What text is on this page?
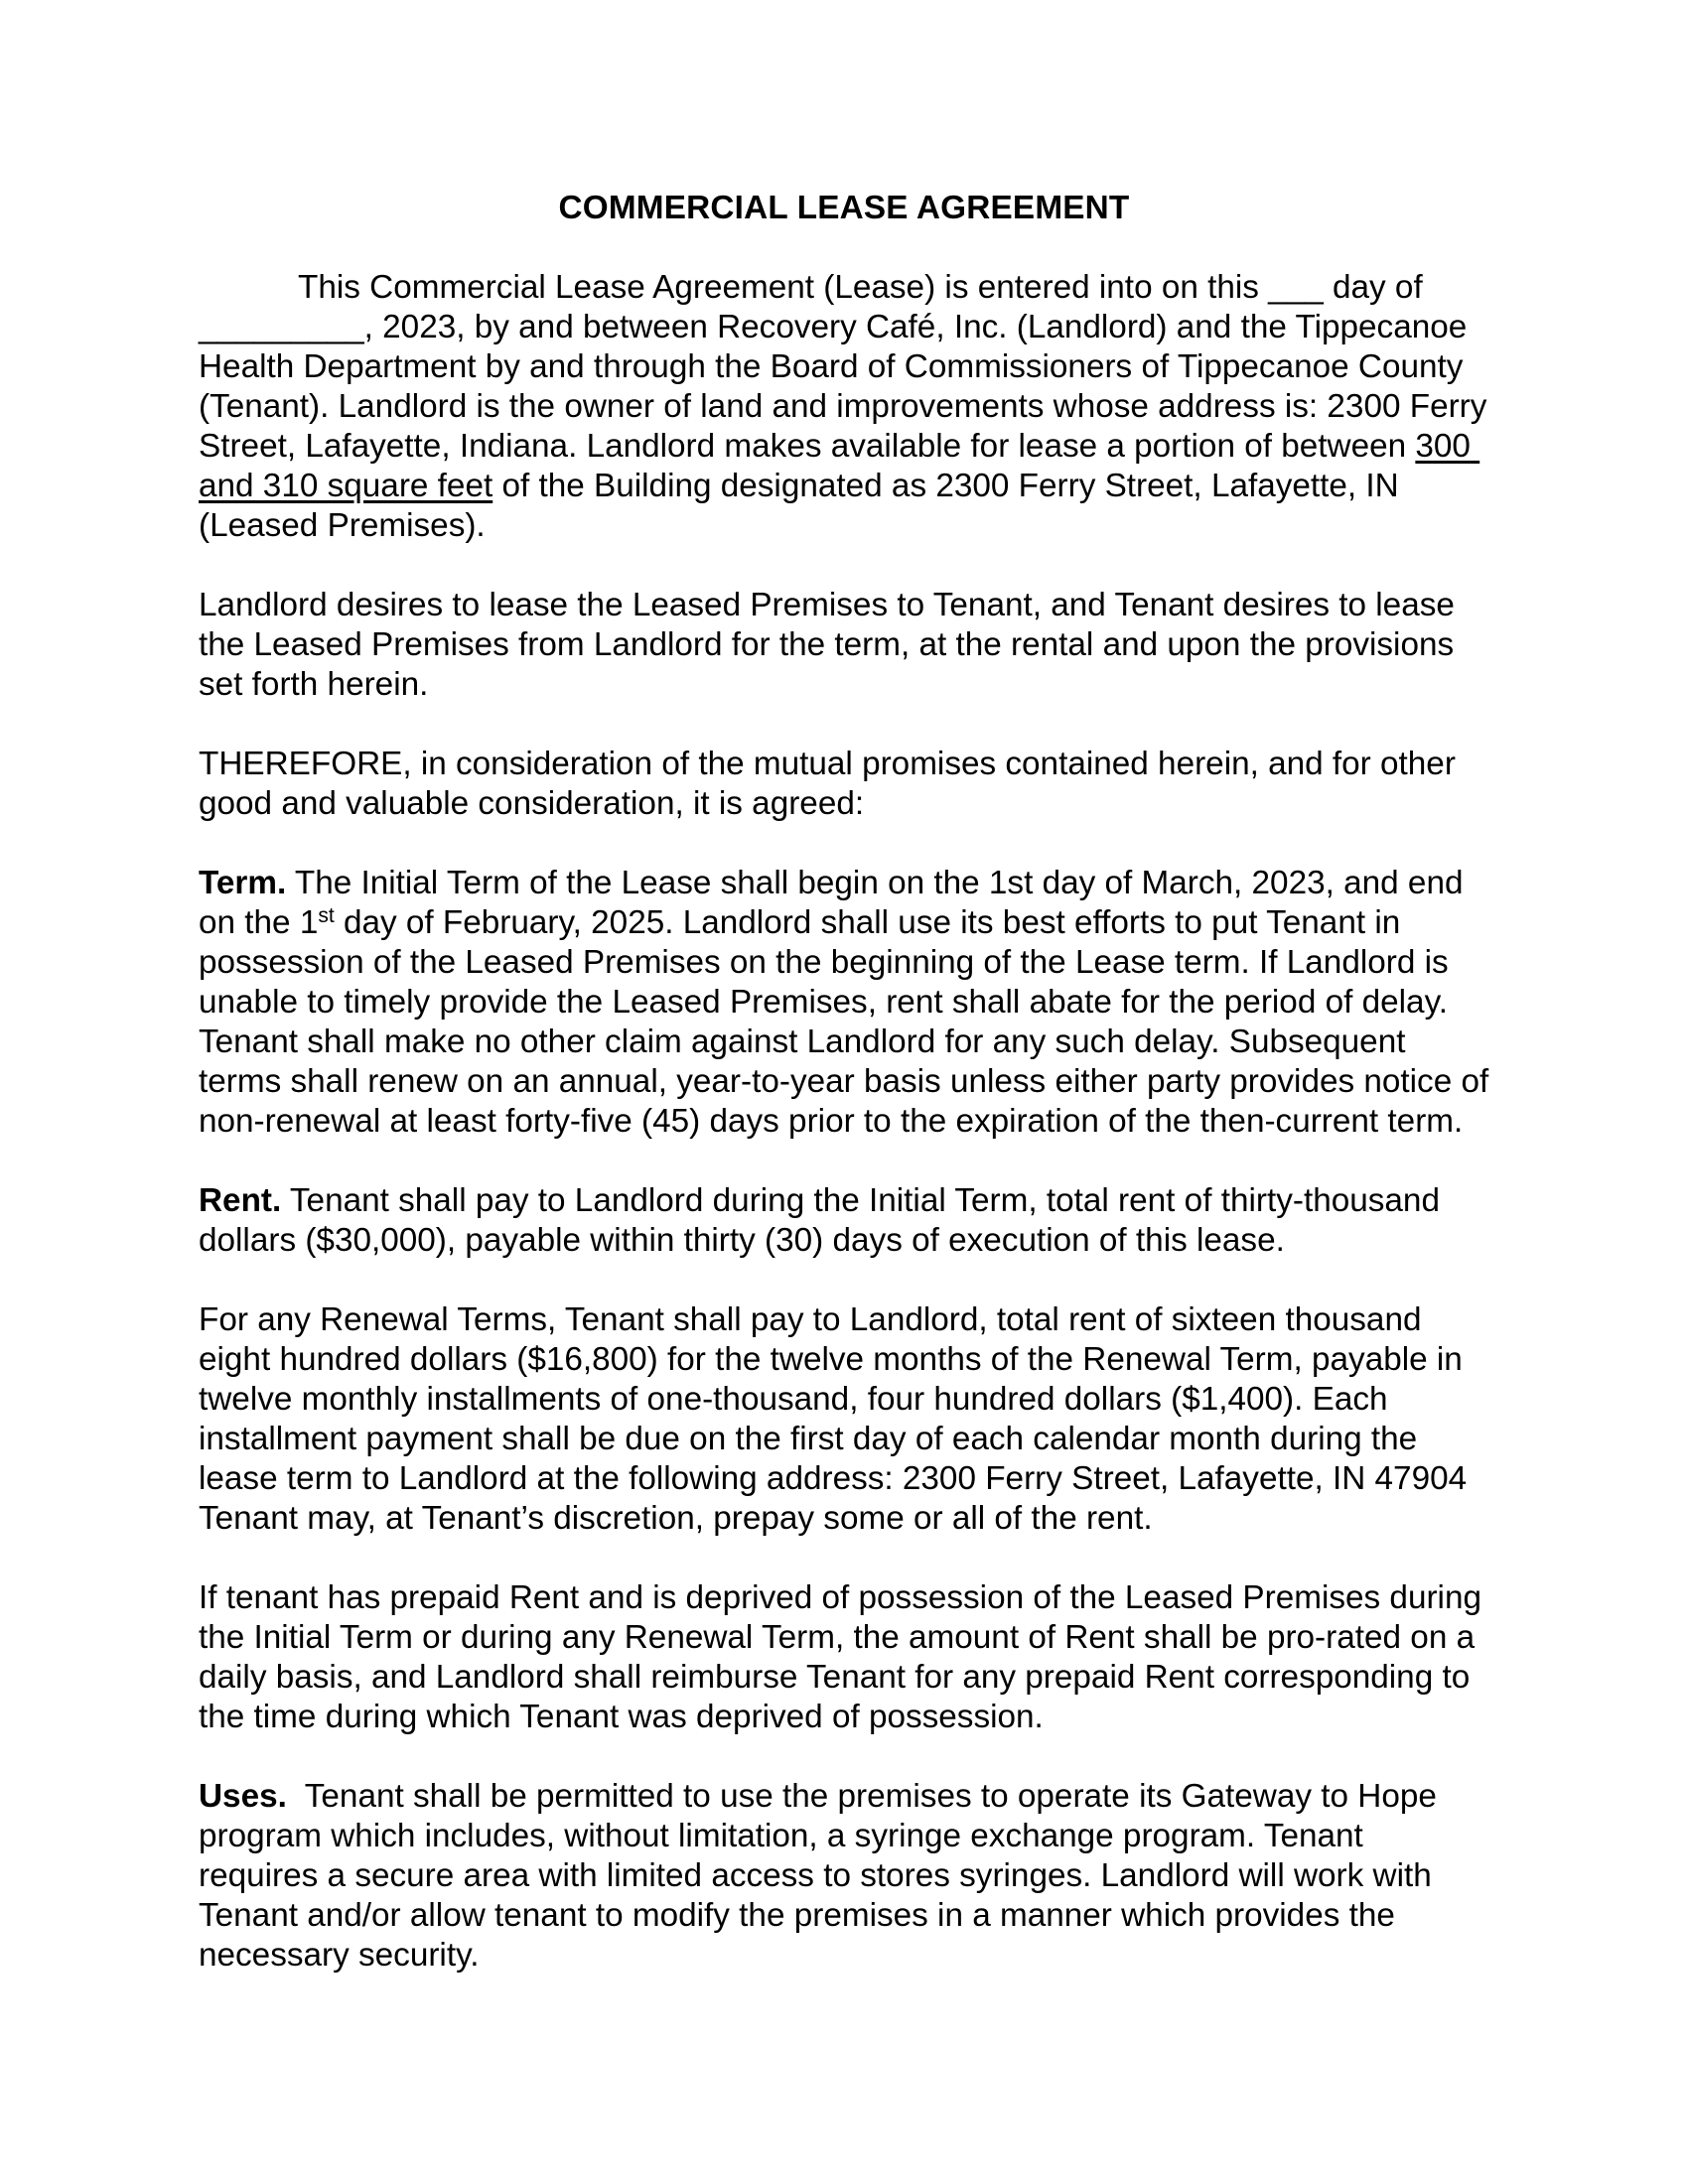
COMMERCIAL LEASE AGREEMENT

This Commercial Lease Agreement (Lease) is entered into on this ___ day of _________, 2023, by and between Recovery Café, Inc. (Landlord) and the Tippecanoe Health Department by and through the Board of Commissioners of Tippecanoe County (Tenant). Landlord is the owner of land and improvements whose address is: 2300 Ferry Street, Lafayette, Indiana. Landlord makes available for lease a portion of between 300 and 310 square feet of the Building designated as 2300 Ferry Street, Lafayette, IN (Leased Premises).

Landlord desires to lease the Leased Premises to Tenant, and Tenant desires to lease the Leased Premises from Landlord for the term, at the rental and upon the provisions set forth herein.

THEREFORE, in consideration of the mutual promises contained herein, and for other good and valuable consideration, it is agreed:

Term. The Initial Term of the Lease shall begin on the 1st day of March, 2023, and end on the 1st day of February, 2025. Landlord shall use its best efforts to put Tenant in possession of the Leased Premises on the beginning of the Lease term. If Landlord is unable to timely provide the Leased Premises, rent shall abate for the period of delay. Tenant shall make no other claim against Landlord for any such delay. Subsequent terms shall renew on an annual, year-to-year basis unless either party provides notice of non-renewal at least forty-five (45) days prior to the expiration of the then-current term.

Rent. Tenant shall pay to Landlord during the Initial Term, total rent of thirty-thousand dollars ($30,000), payable within thirty (30) days of execution of this lease.

For any Renewal Terms, Tenant shall pay to Landlord, total rent of sixteen thousand eight hundred dollars ($16,800) for the twelve months of the Renewal Term, payable in twelve monthly installments of one-thousand, four hundred dollars ($1,400). Each installment payment shall be due on the first day of each calendar month during the lease term to Landlord at the following address: 2300 Ferry Street, Lafayette, IN 47904 Tenant may, at Tenant’s discretion, prepay some or all of the rent.

If tenant has prepaid Rent and is deprived of possession of the Leased Premises during the Initial Term or during any Renewal Term, the amount of Rent shall be pro-rated on a daily basis, and Landlord shall reimburse Tenant for any prepaid Rent corresponding to the time during which Tenant was deprived of possession.

Uses.  Tenant shall be permitted to use the premises to operate its Gateway to Hope program which includes, without limitation, a syringe exchange program. Tenant requires a secure area with limited access to stores syringes. Landlord will work with Tenant and/or allow tenant to modify the premises in a manner which provides the necessary security.
